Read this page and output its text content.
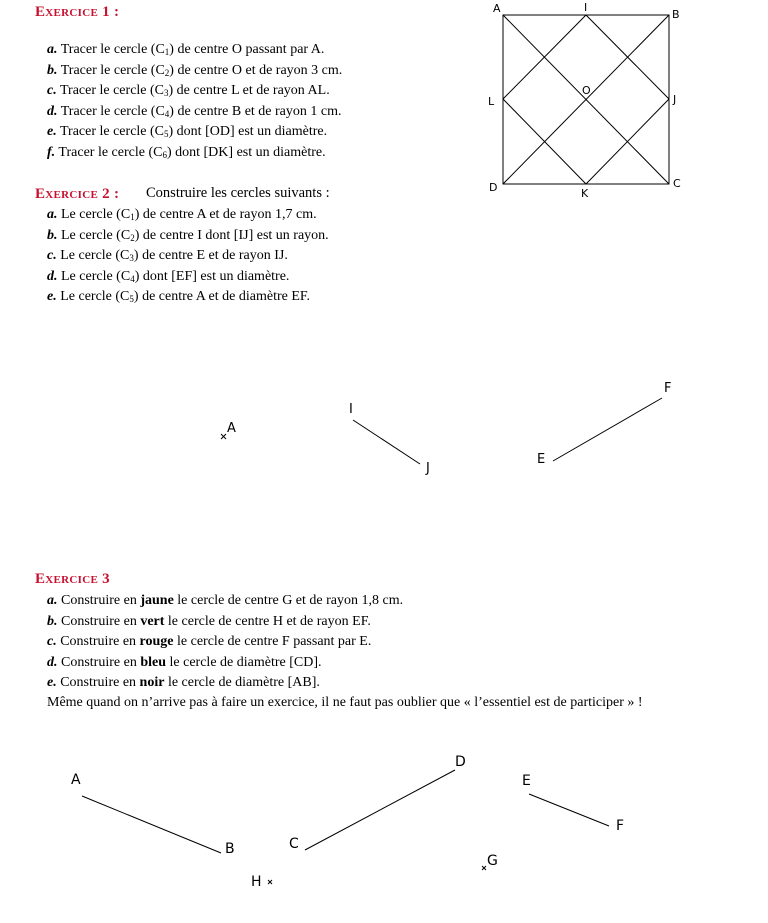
Exercice 1 :
a. Tracer le cercle $(C_1)$ de centre O passant par A.
b. Tracer le cercle $(C_2)$ de centre O et de rayon 3 cm.
c. Tracer le cercle $(C_3)$ de centre L et de rayon AL.
d. Tracer le cercle $(C_4)$ de centre B et de rayon 1 cm.
e. Tracer le cercle $(C_5)$ dont [OD] est un diamètre.
f. Tracer le cercle $(C_6)$ dont [DK] est un diamètre.
Exercice 2 : Construire les cercles suivants :
a. Le cercle $(C_1)$ de centre A et de rayon 1,7 cm.
b. Le cercle $(C_2)$ de centre I dont [IJ] est un rayon.
c. Le cercle $(C_3)$ de centre E et de rayon IJ.
d. Le cercle $(C_4)$ dont [EF] est un diamètre.
e. Le cercle $(C_5)$ de centre A et de diamètre EF.
Exercice 3
a. Construire en jaune le cercle de centre G et de rayon 1,8 cm.
b. Construire en vert le cercle de centre H et de rayon EF.
c. Construire en rouge le cercle de centre F passant par E.
d. Construire en bleu le cercle de diamètre [CD].
e. Construire en noir le cercle de diamètre [AB].
Même quand on n’arrive pas à faire un exercice, il ne faut pas oublier que « l’essentiel est de participer » !
A	I
B
L
O
J
D	K
C
A
I
J
E
F
A
B	C
D
E
F
G
H
